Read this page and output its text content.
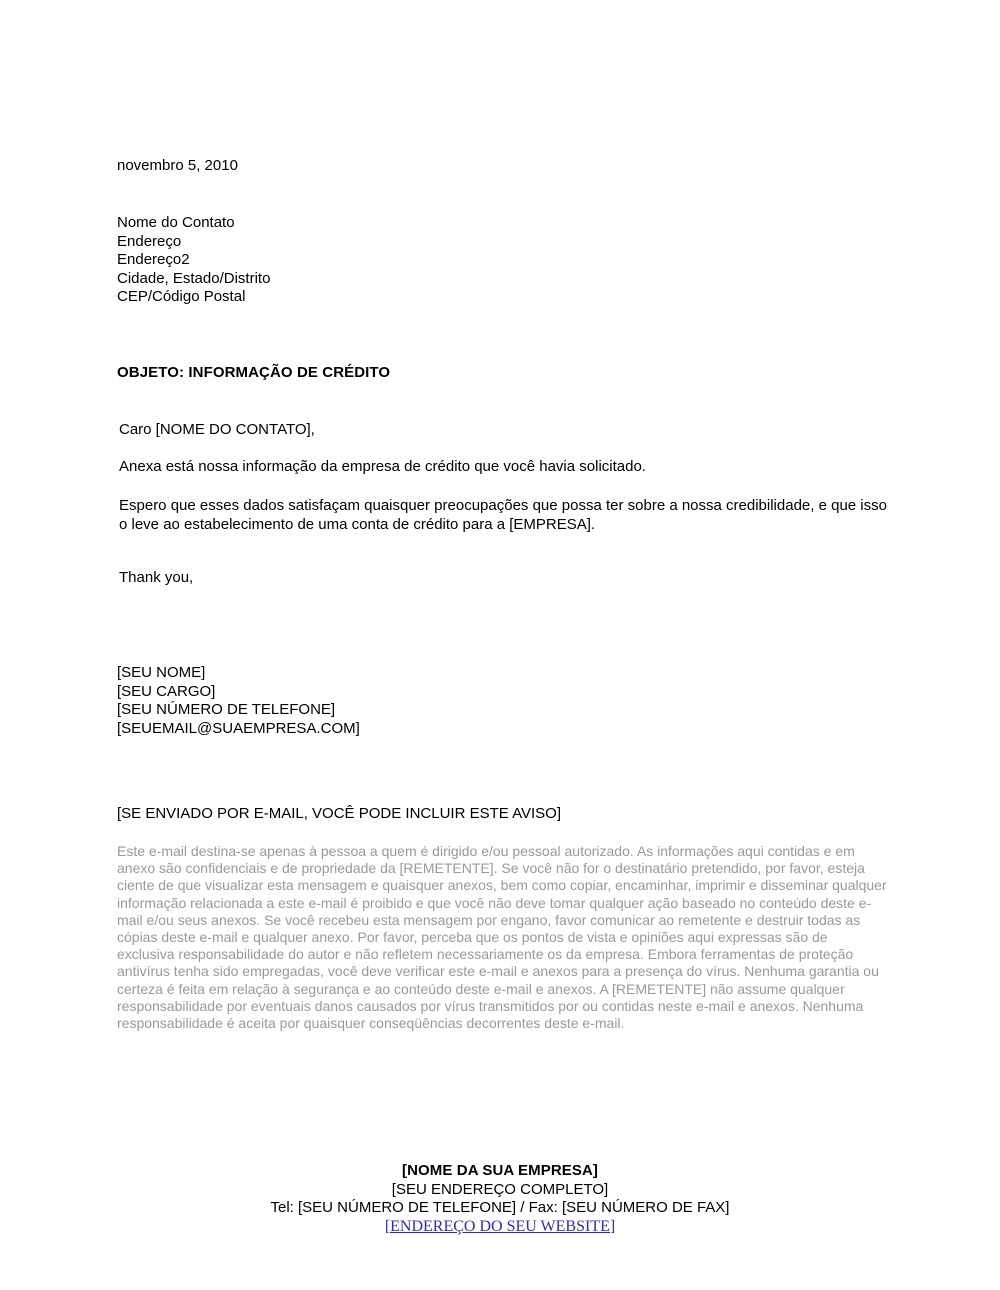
novembro 5, 2010
Nome do Contato
Endereço
Endereço2
Cidade, Estado/Distrito
CEP/Código Postal
OBJETO: INFORMAÇÃO DE CRÉDITO
Caro [NOME DO CONTATO],
Anexa está nossa informação da empresa de crédito que você havia solicitado.
Espero que esses dados satisfaçam quaisquer preocupações que possa ter sobre a nossa credibilidade, e que isso o leve ao estabelecimento de uma conta de crédito para a [EMPRESA].
Thank you,
[SEU NOME]
[SEU CARGO]
[SEU NÚMERO DE TELEFONE]
[SEUEMAIL@SUAEMPRESA.COM]
[SE ENVIADO POR E-MAIL, VOCÊ PODE INCLUIR ESTE AVISO]
Este e-mail destina-se apenas à pessoa a quem é dirigido e/ou pessoal autorizado. As informações aqui contidas e em anexo são confidenciais e de propriedade da [REMETENTE]. Se você não for o destinatário pretendido, por favor, esteja ciente de que visualizar esta mensagem e quaisquer anexos, bem como copiar, encaminhar, imprimir e disseminar qualquer informação relacionada a este e-mail é proibido e que você não deve tomar qualquer ação baseado no conteúdo deste e-mail e/ou seus anexos. Se você recebeu esta mensagem por engano, favor comunicar ao remetente e destruir todas as cópias deste e-mail e qualquer anexo. Por favor, perceba que os pontos de vista e opiniões aqui expressas são de exclusiva responsabilidade do autor e não refletem necessariamente os da empresa. Embora ferramentas de proteção antivírus tenha sido empregadas, você deve verificar este e-mail e anexos para a presença do vírus. Nenhuma garantia ou certeza é feita em relação à segurança e ao conteúdo deste e-mail e anexos. A [REMETENTE] não assume qualquer responsabilidade por eventuais danos causados por vírus transmitidos por ou contidas neste e-mail e anexos. Nenhuma responsabilidade é aceita por quaisquer conseqüências decorrentes deste e-mail.
[NOME DA SUA EMPRESA]
[SEU ENDEREÇO COMPLETO]
Tel: [SEU NÚMERO DE TELEFONE] / Fax: [SEU NÚMERO DE FAX]
[ENDEREÇO DO SEU WEBSITE]
